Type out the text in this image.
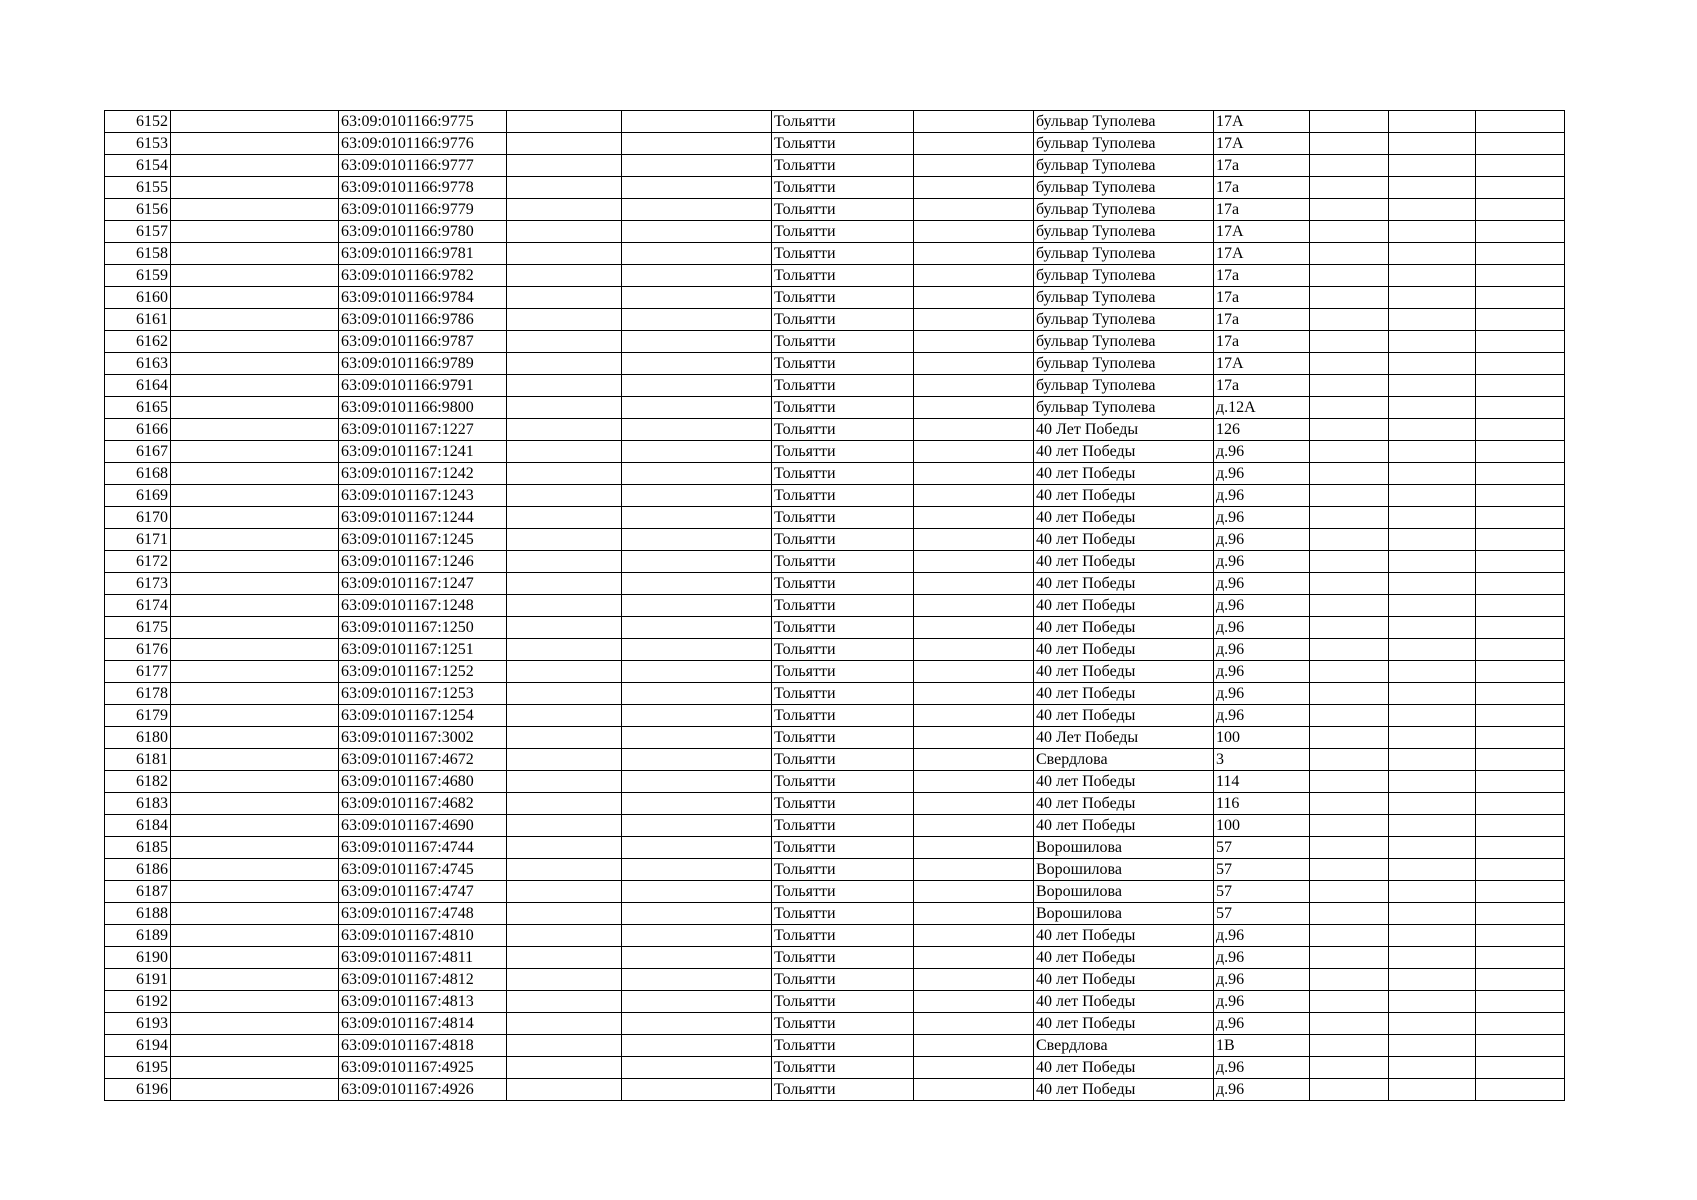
6152		63:09:0101166:9775			Тольятти		бульвар Туполева	17А			
6153		63:09:0101166:9776			Тольятти		бульвар Туполева	17А			
6154		63:09:0101166:9777			Тольятти		бульвар Туполева	17а			
6155		63:09:0101166:9778			Тольятти		бульвар Туполева	17а			
6156		63:09:0101166:9779			Тольятти		бульвар Туполева	17а			
6157		63:09:0101166:9780			Тольятти		бульвар Туполева	17А			
6158		63:09:0101166:9781			Тольятти		бульвар Туполева	17А			
6159		63:09:0101166:9782			Тольятти		бульвар Туполева	17а			
6160		63:09:0101166:9784			Тольятти		бульвар Туполева	17а			
6161		63:09:0101166:9786			Тольятти		бульвар Туполева	17а			
6162		63:09:0101166:9787			Тольятти		бульвар Туполева	17а			
6163		63:09:0101166:9789			Тольятти		бульвар Туполева	17А			
6164		63:09:0101166:9791			Тольятти		бульвар Туполева	17а			
6165		63:09:0101166:9800			Тольятти		бульвар Туполева	д.12А			
6166		63:09:0101167:1227			Тольятти		40 Лет Победы	126			
6167		63:09:0101167:1241			Тольятти		40 лет Победы	д.96			
6168		63:09:0101167:1242			Тольятти		40 лет Победы	д.96			
6169		63:09:0101167:1243			Тольятти		40 лет Победы	д.96			
6170		63:09:0101167:1244			Тольятти		40 лет Победы	д.96			
6171		63:09:0101167:1245			Тольятти		40 лет Победы	д.96			
6172		63:09:0101167:1246			Тольятти		40 лет Победы	д.96			
6173		63:09:0101167:1247			Тольятти		40 лет Победы	д.96			
6174		63:09:0101167:1248			Тольятти		40 лет Победы	д.96			
6175		63:09:0101167:1250			Тольятти		40 лет Победы	д.96			
6176		63:09:0101167:1251			Тольятти		40 лет Победы	д.96			
6177		63:09:0101167:1252			Тольятти		40 лет Победы	д.96			
6178		63:09:0101167:1253			Тольятти		40 лет Победы	д.96			
6179		63:09:0101167:1254			Тольятти		40 лет Победы	д.96			
6180		63:09:0101167:3002			Тольятти		40 Лет Победы	100			
6181		63:09:0101167:4672			Тольятти		Свердлова	3			
6182		63:09:0101167:4680			Тольятти		40 лет Победы	114			
6183		63:09:0101167:4682			Тольятти		40 лет Победы	116			
6184		63:09:0101167:4690			Тольятти		40 лет Победы	100			
6185		63:09:0101167:4744			Тольятти		Ворошилова	57			
6186		63:09:0101167:4745			Тольятти		Ворошилова	57			
6187		63:09:0101167:4747			Тольятти		Ворошилова	57			
6188		63:09:0101167:4748			Тольятти		Ворошилова	57			
6189		63:09:0101167:4810			Тольятти		40 лет Победы	д.96			
6190		63:09:0101167:4811			Тольятти		40 лет Победы	д.96			
6191		63:09:0101167:4812			Тольятти		40 лет Победы	д.96			
6192		63:09:0101167:4813			Тольятти		40 лет Победы	д.96			
6193		63:09:0101167:4814			Тольятти		40 лет Победы	д.96			
6194		63:09:0101167:4818			Тольятти		Свердлова	1В			
6195		63:09:0101167:4925			Тольятти		40 лет Победы	д.96			
6196		63:09:0101167:4926			Тольятти		40 лет Победы	д.96			
